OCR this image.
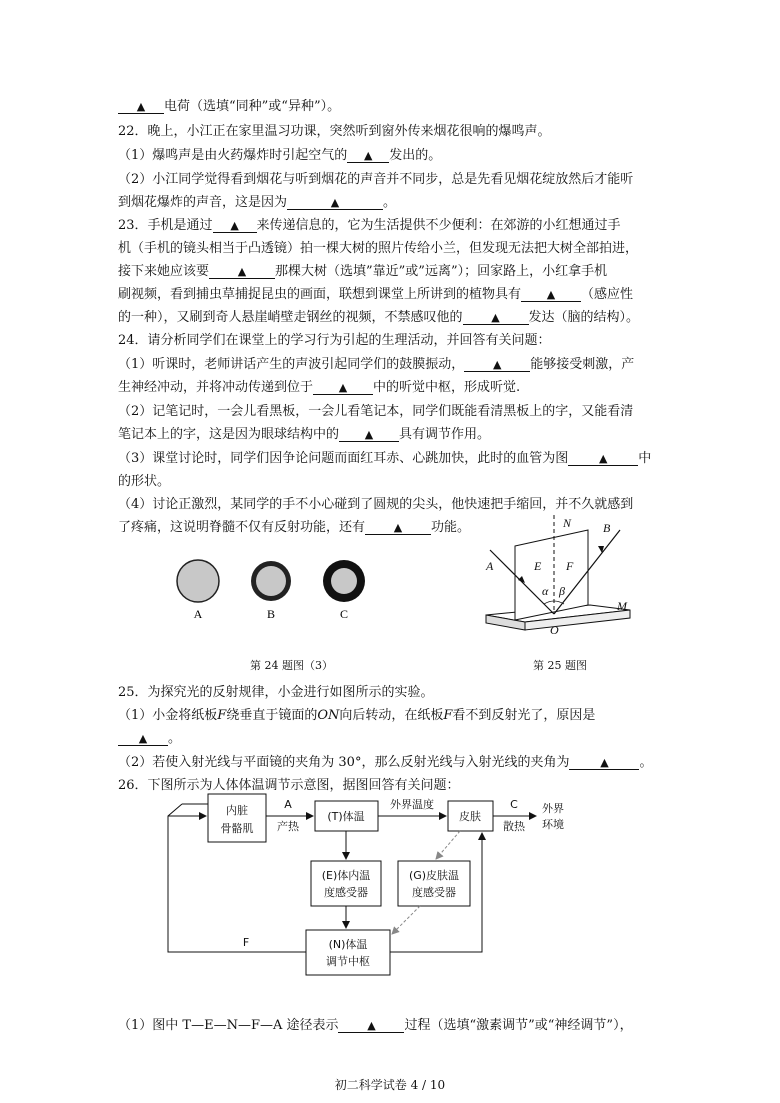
▲ 电荷（选填“同种”或“异种”）。
22．晚上，小江正在家里温习功课，突然听到窗外传来烟花很响的爆鸣声。
（1）爆鸣声是由火药爆炸时引起空气的 ▲ 发出的。
（2）小江同学觉得看到烟花与听到烟花的声音并不同步，总是先看见烟花绽放然后才能听
到烟花爆炸的声音，这是因为	▲	。
23．手机是通过 ▲ 来传递信息的，它为生活提供不少便利：在郊游的小红想通过手
机（手机的镜头相当于凸透镜）拍一棵大树的照片传给小兰，但发现无法把大树全部拍进，
接下来她应该要	▲ 那棵大树（选填”靠近”或”远离”）；回家路上，小红拿手机
刷视频，看到捕虫草捕捉昆虫的画面，联想到课堂上所讲到的植物具有 ▲ （感应性
的一种），又刷到奇人悬崖峭壁走钢丝的视频，不禁感叹他的	▲ 发达（脑的结构）。
24．请分析同学们在课堂上的学习行为引起的生理活动，并回答有关问题：
（1）听课时，老师讲话产生的声波引起同学们的鼓膜振动，	▲ 能够接受刺激，产
生神经冲动，并将冲动传递到位于 ▲ 中的听觉中枢，形成听觉.
（2）记笔记时，一会儿看黑板，一会儿看笔记本，同学们既能看清黑板上的字，又能看清
笔记本上的字，这是因为眼球结构中的 ▲ 具有调节作用。
（3）课堂讨论时，同学们因争论问题而面红耳赤、心跳加快，此时的血管为图	▲ 中
的形状。
（4）讨论正激烈，某同学的手不小心碰到了圆规的尖头，他快速把手缩回，并不久就感到
了疼痛，这说明脊髓不仅有反射功能，还有	▲ 功能。
25．为探究光的反射规律，小金进行如图所示的实验。
（1）小金将纸板F绕垂直于镜面的ON向后转动，在纸板F看不到反射光了，原因是
▲ 。
（2）若使入射光线与平面镜的夹角为 30°，那么反射光线与入射光线的夹角为	▲ 。
26．下图所示为人体体温调节示意图，据图回答有关问题：
（1）图中 T—E—N—F—A 途径表示	▲ 过程（选填“激素调节”或“神经调节”），
A	B	C
第 24 题图（3）
N	B
A	E F
α β
O
M
第 25 题图
内脏
骨骼肌
(T)体温	皮肤
外界
环境
(E)体内温
度感受器
(G)皮肤温
度感受器
(N)体温
调节中枢
A
产热
外界温度	C
散热
F
初二科学试卷 4 / 10
